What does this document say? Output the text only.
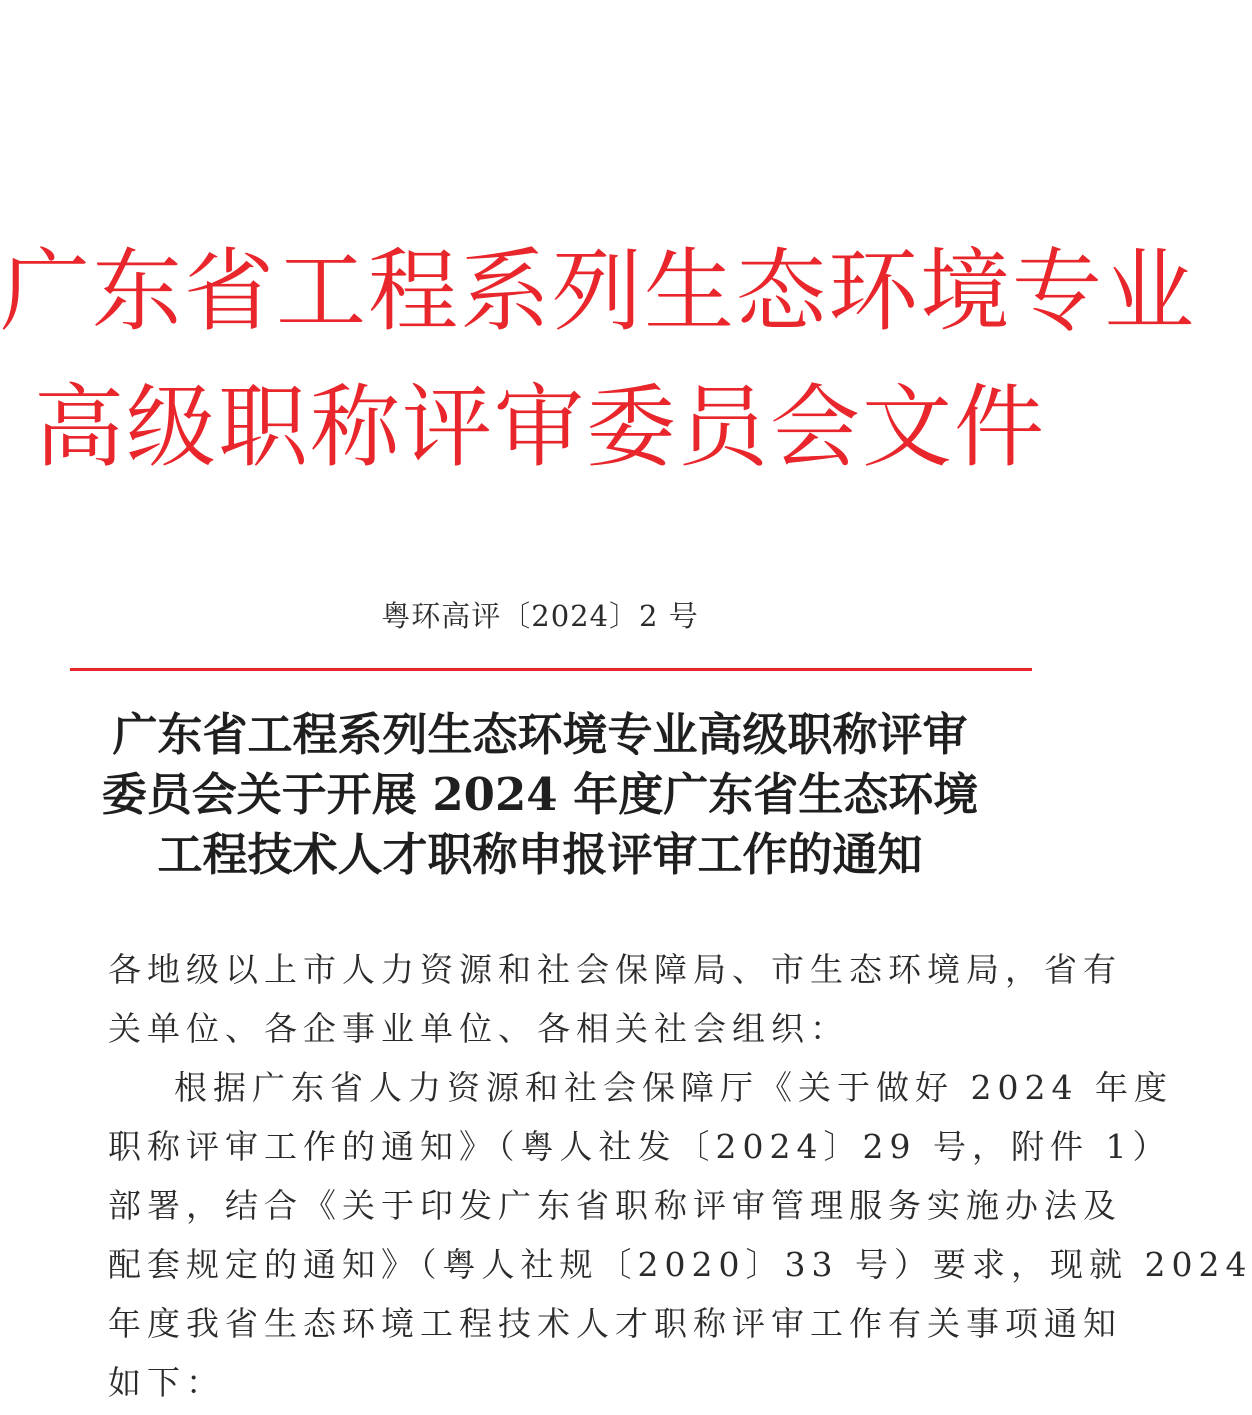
广东省工程系列生态环境专业
高级职称评审委员会文件
粤环高评〔2024〕2 号
广东省工程系列生态环境专业高级职称评审
委员会关于开展 2024 年度广东省生态环境
工程技术人才职称申报评审工作的通知
各地级以上市人力资源和社会保障局、市生态环境局，省有
关单位、各企事业单位、各相关社会组织：
根据广东省人力资源和社会保障厅《关于做好 2024 年度
职称评审工作的通知》（粤人社发〔2024〕29 号，附件 1）
部署，结合《关于印发广东省职称评审管理服务实施办法及
配套规定的通知》（粤人社规〔2020〕33 号）要求，现就 2024
年度我省生态环境工程技术人才职称评审工作有关事项通知
如下：
